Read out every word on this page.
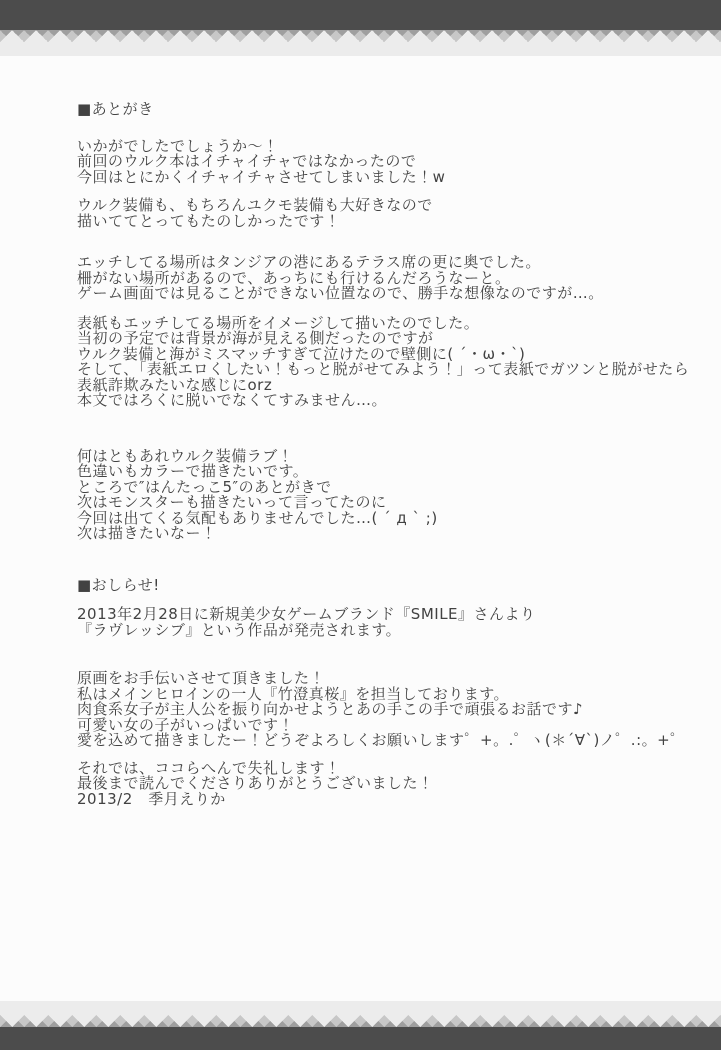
■あとがき

いかがでしたでしょうか～！
前回のウルク本はイチャイチャではなかったので
今回はとにかくイチャイチャさせてしまいました！w

ウルク装備も、もちろんユクモ装備も大好きなので
描いててとってもたのしかったです！

エッチしてる場所はタンジアの港にあるテラス席の更に奥でした。
柵がない場所があるので、あっちにも行けるんだろうなーと。
ゲーム画面では見ることができない位置なので、勝手な想像なのですが…。

表紙もエッチしてる場所をイメージして描いたのでした。
当初の予定では背景が海が見える側だったのですが
ウルク装備と海がミスマッチすぎて泣けたので壁側に( ´・ω・`)
そして、「表紙エロくしたい！もっと脱がせてみよう！」って表紙でガツンと脱がせたら
表紙詐欺みたいな感じにorz
本文ではろくに脱いでなくてすみません…。

何はともあれウルク装備ラブ！
色違いもカラーで描きたいです。

ところで″はんたっこ5″のあとがきで
次はモンスターも描きたいって言ってたのに
今回は出てくる気配もありませんでした…( ´ д ` ;)
次は描きたいなー！

■おしらせ!

2013年2月28日に新規美少女ゲームブランド『SMILE』さんより
『ラヴレッシブ』という作品が発売されます。

原画をお手伝いさせて頂きました！
私はメインヒロインの一人『竹澄真桜』を担当しております。
肉食系女子が主人公を振り向かせようとあの手この手で頑張るお話です♪
可愛い女の子がいっぱいです！
愛を込めて描きましたー！どうぞよろしくお願いします゜+。.゜ヽ(＊´∀`)ノ゜.:。+゜

それでは、ココらへんで失礼します！
最後まで読んでくださりありがとうございました！

2013/2　季月えりか
